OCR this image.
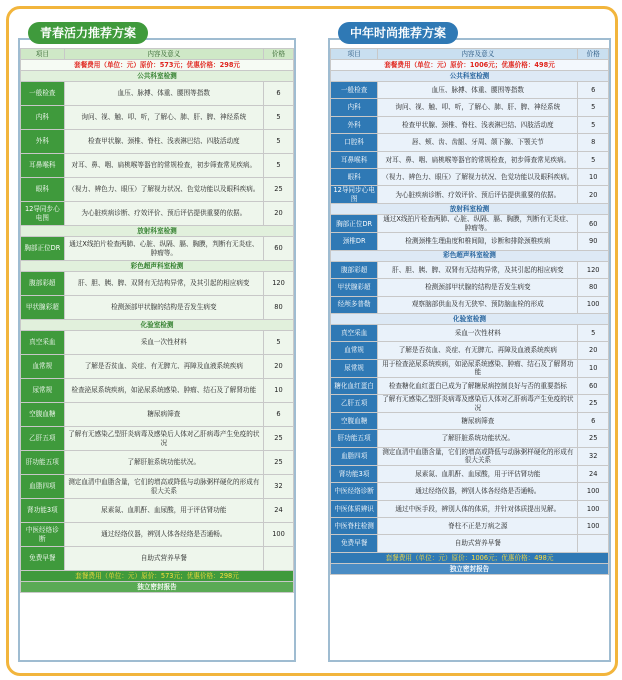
青春活力推荐方案
项目	内容及意义	价格
套餐费用（单位：元）原价：573元；优惠价格：298元		
公共科室检测		
一般检查	血压、脉搏、体重、腰围等指数	6
内科	询问、视、触、叩、听，了解心、肺、肝、脾、神经系统	5
外科	检查甲状腺、颈椎、脊柱、浅表淋巴结、四肢活动度	5
耳鼻喉科	对耳、鼻、咽、扁桃喉等器官的常规检查，初步筛查常见疾病。	5
眼科	（视力、辨色力、眼压）了解视力状况、色觉功能以及眼科疾病。	25
12导同步心电图	为心脏疾病诊断、疗效评价、预后评估提供重要的依据。	20
放射科室检测		
胸部正位DR	通过X线拍片检查两肺、心脏、纵隔、膈、胸膜，判断有无炎症、肿瘤等。	60
彩色超声科室检测		
腹部彩超	肝、胆、胰、脾、双肾有无结构异常，及其引起的相应病变	120
甲状腺彩超	检测颈部甲状腺的结构是否发生病变	80
化验室检测		
真空采血	采血一次性材料	5
血常规	了解是否贫血、炎症、有无脾亢、再障及血液系统疾病	20
尿常规	检查泌尿系统疾病，如泌尿系统感染、肿瘤、结石及了解肾功能	10
空腹血糖	糖尿病筛查	6
乙肝五项	了解有无感染乙型肝炎病毒及感染后人体对乙肝病毒产生免疫的状况	25
肝功能五项	了解肝脏系统功能状况。	25
血脂四项	测定血清中血脂含量，它们的增高或降低与动脉粥样硬化的形成有很大关系	32
肾功能3项	尿素氮、血肌酐、血尿酸，用于评估肾功能	24
中医经络诊断	通过经络仪器，辨别人体各经络是否通畅。	100
免费早餐	自助式营养早餐	
套餐费用（单位：元）原价：573元；优惠价格：298元		
独立密封报告		
中年时尚推荐方案
项目	内容及意义	价格
套餐费用（单位：元）原价：1006元；优惠价格：498元		
公共科室检测		
一般检查	血压、脉搏、体重、腰围等指数	6
内科	询问、视、触、叩、听，了解心、肺、肝、脾、神经系统	5
外科	检查甲状腺、颈椎、脊柱、浅表淋巴结、四肢活动度	5
口腔科	唇、颊、齿、齿龈、牙周、颌下腺、下颚关节	8
耳鼻喉科	对耳、鼻、咽、扁桃喉等器官的常规检查，初步筛查常见疾病。	5
眼科	（视力、辨色力、眼压）了解视力状况、色觉功能以及眼科疾病。	10
12导同步心电图	为心脏疾病诊断、疗效评价、预后评估提供重要的依据。	20
放射科室检测		
胸部正位DR	通过X线拍片检查两肺、心脏、纵隔、膈、胸膜，判断有无炎症、肿瘤等。	60
颈椎DR	检测颈椎生理曲度和椎间隙，诊断和排除颈椎疾病	90
彩色超声科室检测		
腹部彩超	肝、胆、胰、脾、双肾有无结构异常，及其引起的相应病变	120
甲状腺彩超	检测颈部甲状腺的结构是否发生病变	80
经颅多普勒	观察脑部供血及有无狭窄、预防脑血栓的形成	100
化验室检测		
真空采血	采血一次性材料	5
血常规	了解是否贫血、炎症、有无脾亢、再障及血液系统疾病	20
尿常规	用于检查泌尿系统疾病，如泌尿系统感染、肿瘤、结石及了解肾功能	10
糖化血红蛋白	检查糖化血红蛋白已成为了解糖尿病控制良好与否的重要指标	60
乙肝五项	了解有无感染乙型肝炎病毒及感染后人体对乙肝病毒产生免疫的状况	25
空腹血糖	糖尿病筛查	6
肝功能五项	了解肝脏系统功能状况。	25
血脂四项	测定血清中血脂含量，它们的增高或降低与动脉粥样硬化的形成有很大关系	32
肾功能3项	尿素氮、血肌酐、血尿酸，用于评估肾功能	24
中医经络诊断	通过经络仪器，辨别人体各经络是否通畅。	100
中医体质辨识	通过中医手段，辨别人体的体质，并针对体质提出见解。	100
中医脊柱检测	脊柱不正是万病之源	100
免费早餐	自助式营养早餐	
套餐费用（单位：元）原价：1006元；优惠价格：498元		
独立密封报告		
